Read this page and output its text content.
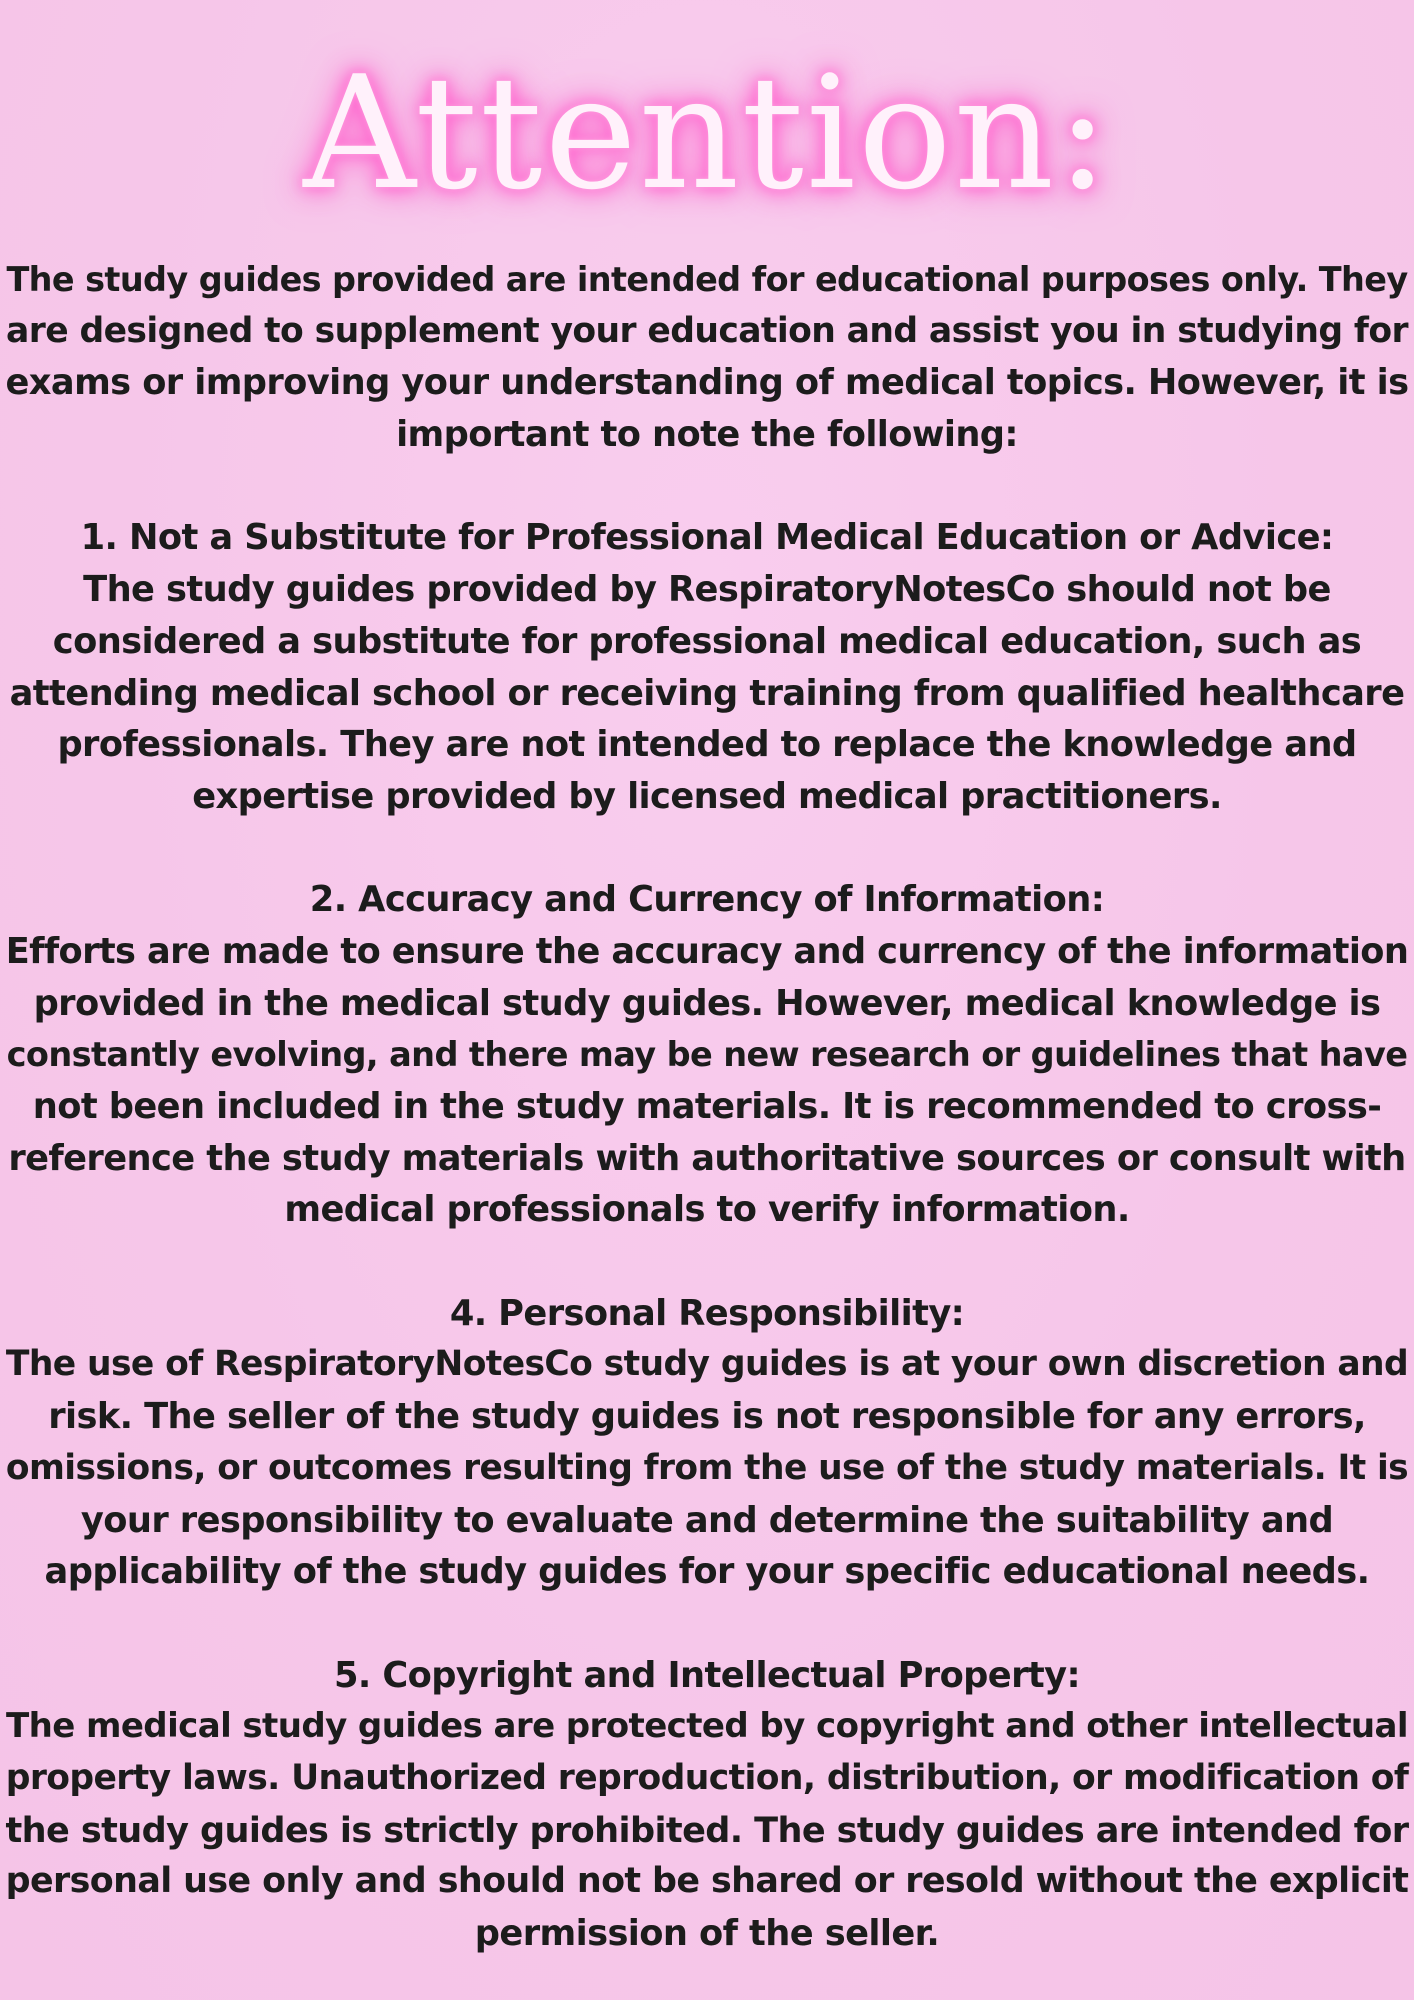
Attention:
The study guides provided are intended for educational purposes only. They
are designed to supplement your education and assist you in studying for
exams or improving your understanding of medical topics. However, it is
important to note the following:
1. Not a Substitute for Professional Medical Education or Advice:
The study guides provided by RespiratoryNotesCo should not be
considered a substitute for professional medical education, such as
attending medical school or receiving training from qualified healthcare
professionals. They are not intended to replace the knowledge and
expertise provided by licensed medical practitioners.
2. Accuracy and Currency of Information:
Efforts are made to ensure the accuracy and currency of the information
provided in the medical study guides. However, medical knowledge is
constantly evolving, and there may be new research or guidelines that have
not been included in the study materials. It is recommended to cross-
reference the study materials with authoritative sources or consult with
medical professionals to verify information.
4. Personal Responsibility:
The use of RespiratoryNotesCo study guides is at your own discretion and
risk. The seller of the study guides is not responsible for any errors,
omissions, or outcomes resulting from the use of the study materials. It is
your responsibility to evaluate and determine the suitability and
applicability of the study guides for your specific educational needs.
5. Copyright and Intellectual Property:
The medical study guides are protected by copyright and other intellectual
property laws. Unauthorized reproduction, distribution, or modification of
the study guides is strictly prohibited. The study guides are intended for
personal use only and should not be shared or resold without the explicit
permission of the seller.
